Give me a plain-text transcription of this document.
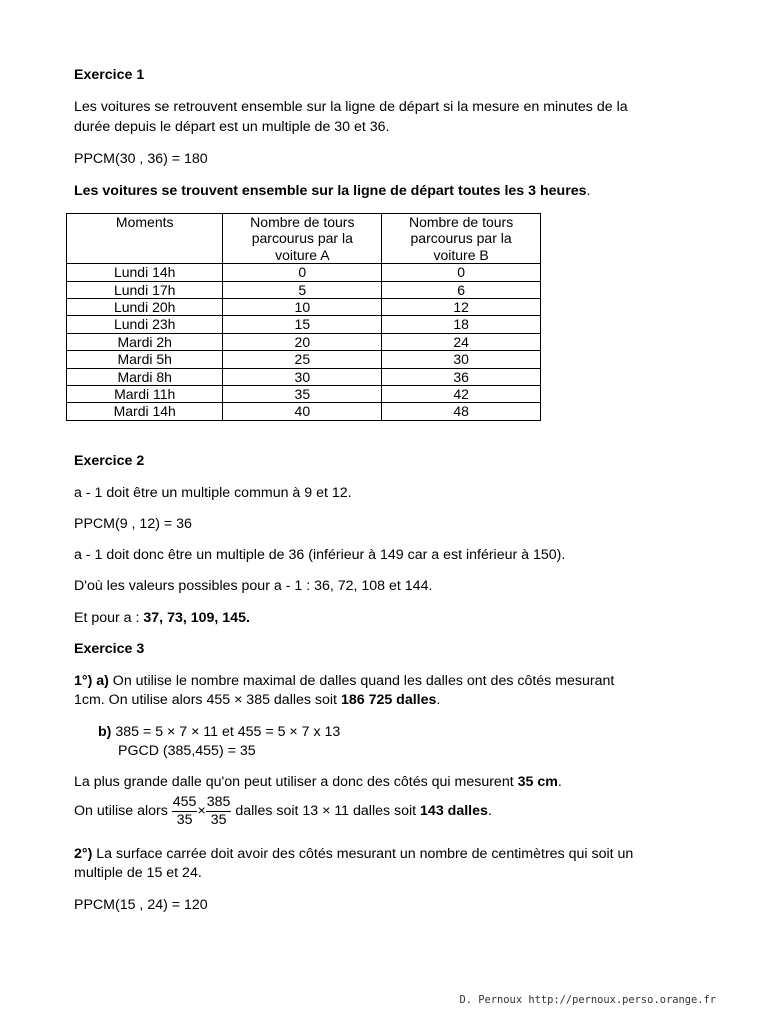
Exercice 1
Les voitures se retrouvent ensemble sur la ligne de départ si la mesure en minutes de la
durée depuis le départ est un multiple de 30 et 36.
PPCM(30 , 36) = 180
Les voitures se trouvent ensemble sur la ligne de départ toutes les 3 heures.
Moments	Nombre de tours parcourus par la voiture A	Nombre de tours parcourus par la voiture B
Lundi 14h	0	0
Lundi 17h	5	6
Lundi 20h	10	12
Lundi 23h	15	18
Mardi 2h	20	24
Mardi 5h	25	30
Mardi 8h	30	36
Mardi 11h	35	42
Mardi 14h	40	48
Exercice 2
a - 1 doit être un multiple commun à 9 et 12.
PPCM(9 , 12) = 36
a - 1 doit donc être un multiple de 36 (inférieur à 149 car a est inférieur à 150).
D'où les valeurs possibles pour a - 1 : 36, 72, 108 et 144.
Et pour a : 37, 73, 109, 145.
Exercice 3
1°) a) On utilise le nombre maximal de dalles quand les dalles ont des côtés mesurant
1cm. On utilise alors 455 × 385 dalles soit 186 725 dalles.
b) 385 = 5 × 7 × 11 et 455 = 5 × 7 x 13
PGCD (385,455) = 35
La plus grande dalle qu'on peut utiliser a donc des côtés qui mesurent 35 cm.
On utilise alors $\frac{455}{35} \times \frac{385}{35}$ dalles soit 13 × 11 dalles soit 143 dalles.
2°) La surface carrée doit avoir des côtés mesurant un nombre de centimètres qui soit un
multiple de 15 et 24.
PPCM(15 , 24) = 120
D. Pernoux http://pernoux.perso.orange.fr
